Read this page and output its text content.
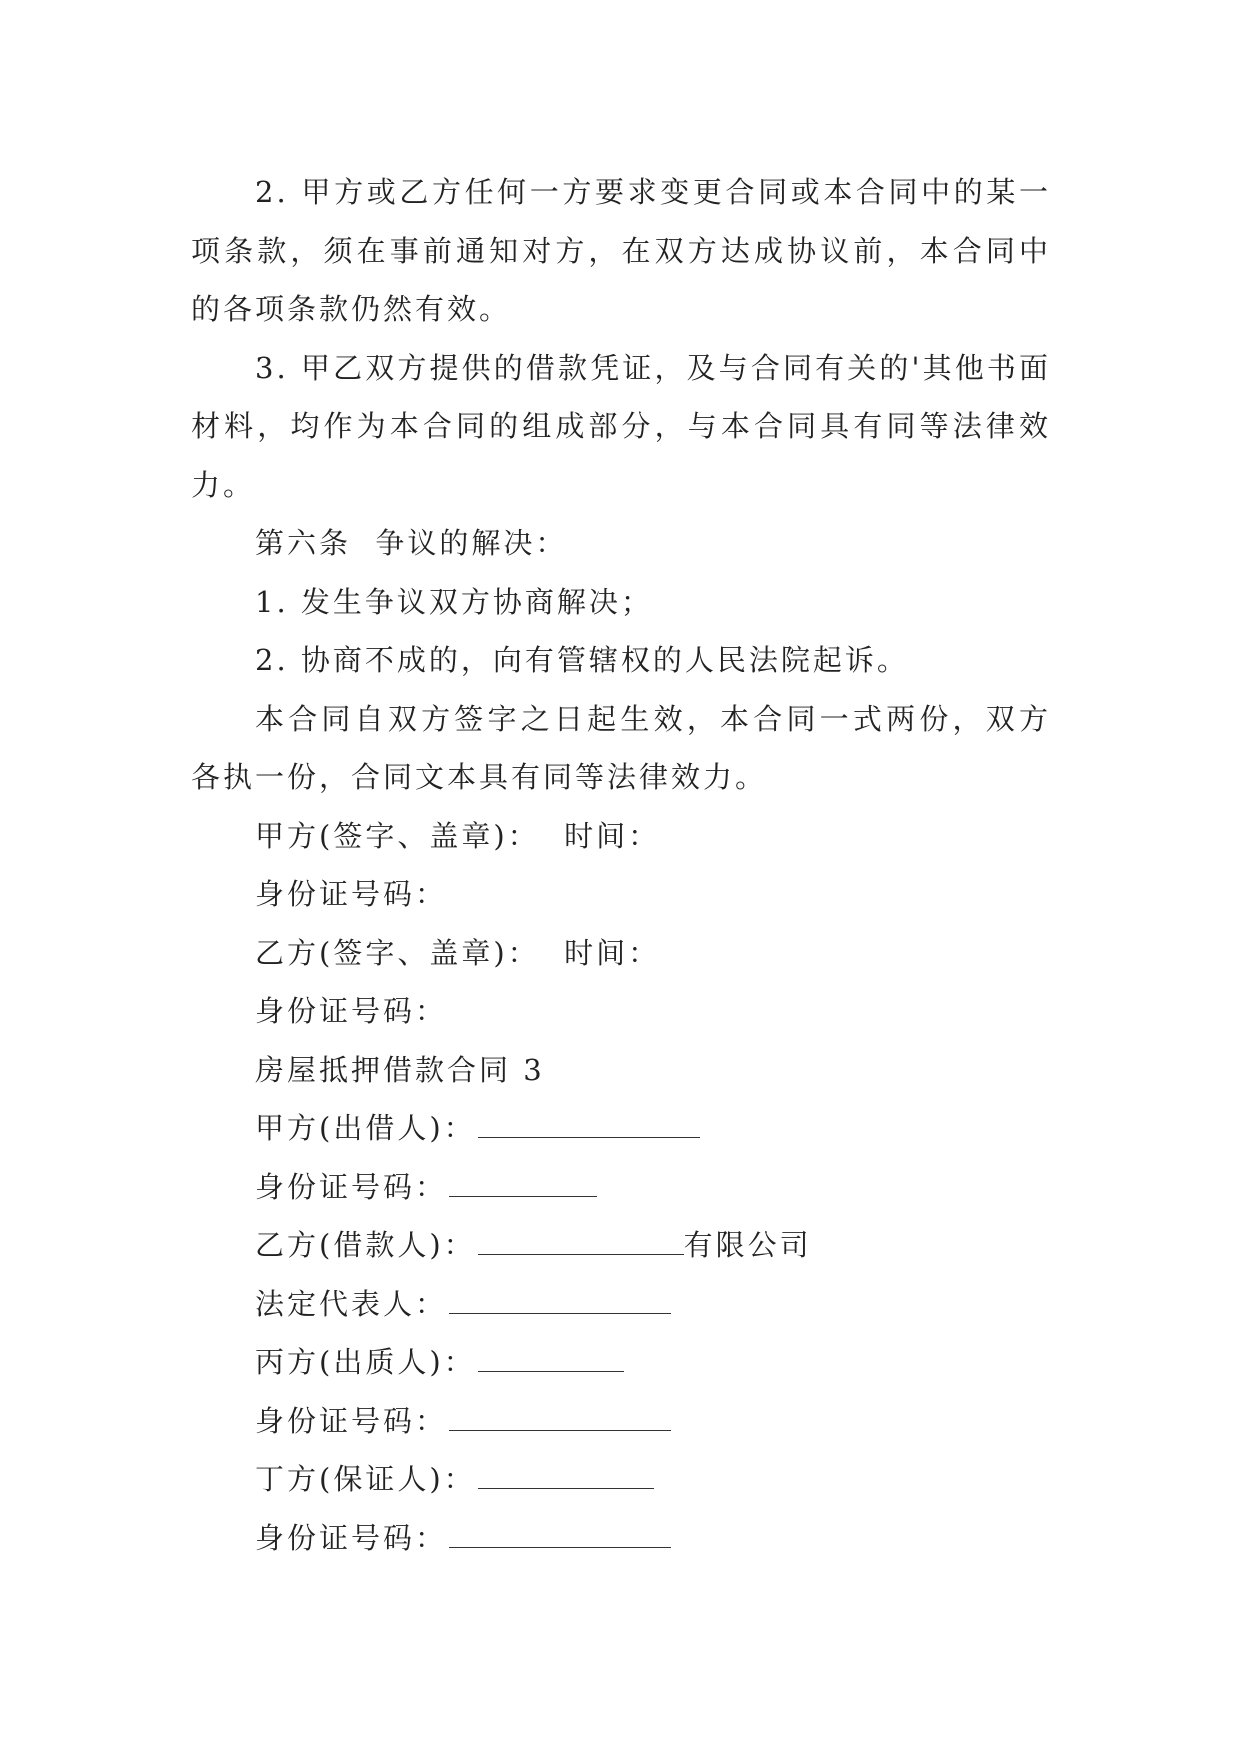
2. 甲方或乙方任何一方要求变更合同或本合同中的某一项条款，须在事前通知对方，在双方达成协议前，本合同中的各项条款仍然有效。

3. 甲乙双方提供的借款凭证，及与合同有关的'其他书面材料，均作为本合同的组成部分，与本合同具有同等法律效力。

第六条  争议的解决：

1. 发生争议双方协商解决；

2. 协商不成的，向有管辖权的人民法院起诉。

本合同自双方签字之日起生效，本合同一式两份，双方各执一份，合同文本具有同等法律效力。

甲方(签字、盖章)：  时间：

身份证号码：

乙方(签字、盖章)：  时间：

身份证号码：

房屋抵押借款合同 3

甲方(出借人)：

身份证号码：

乙方(借款人)：	有限公司

法定代表人：

丙方(出质人)：

身份证号码：

丁方(保证人)：

身份证号码：
